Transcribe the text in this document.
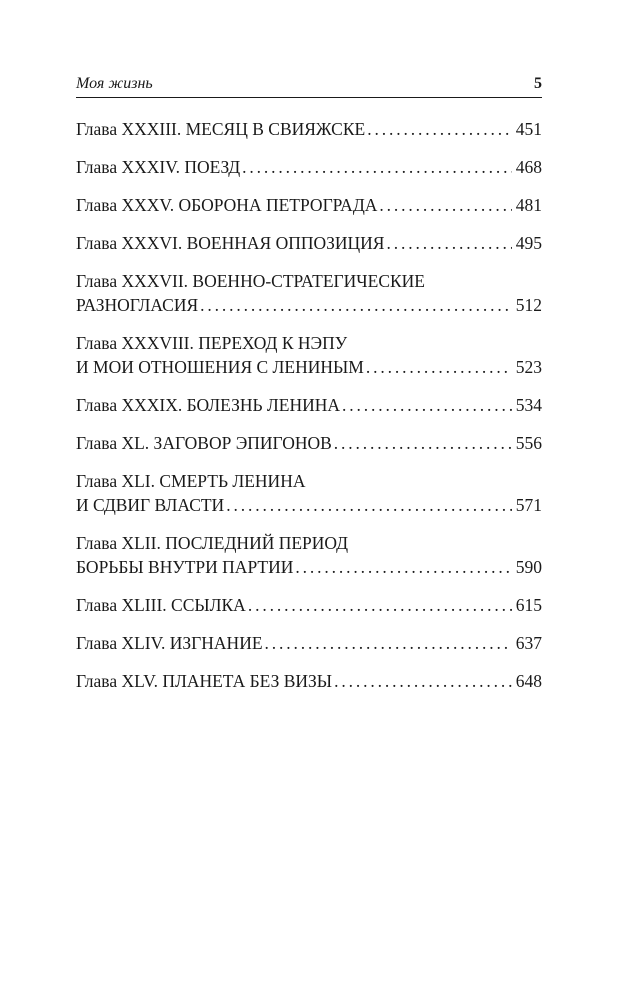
Моя жизнь	5
Глава XXXIII. МЕСЯЦ В СВИЯЖСКЕ . . .	451
Глава XXXIV. ПОЕЗД . . .	468
Глава XXXV. ОБОРОНА ПЕТРОГРАДА . . .	481
Глава XXXVI. ВОЕННАЯ ОППОЗИЦИЯ . . .	495
Глава XXXVII. ВОЕННО-СТРАТЕГИЧЕСКИЕ
РАЗНОГЛАСИЯ . . .	512
Глава XXXVIII. ПЕРЕХОД К НЭПУ
И МОИ ОТНОШЕНИЯ С ЛЕНИНЫМ . . .	523
Глава XXXIX. БОЛЕЗНЬ ЛЕНИНА . . .	534
Глава XL. ЗАГОВОР ЭПИГОНОВ . . .	556
Глава XLI. СМЕРТЬ ЛЕНИНА
И СДВИГ ВЛАСТИ . . .	571
Глава XLII. ПОСЛЕДНИЙ ПЕРИОД
БОРЬБЫ ВНУТРИ ПАРТИИ . . .	590
Глава XLIII. ССЫЛКА . . .	615
Глава XLIV. ИЗГНАНИЕ . . .	637
Глава XLV. ПЛАНЕТА БЕЗ ВИЗЫ . . .	648
